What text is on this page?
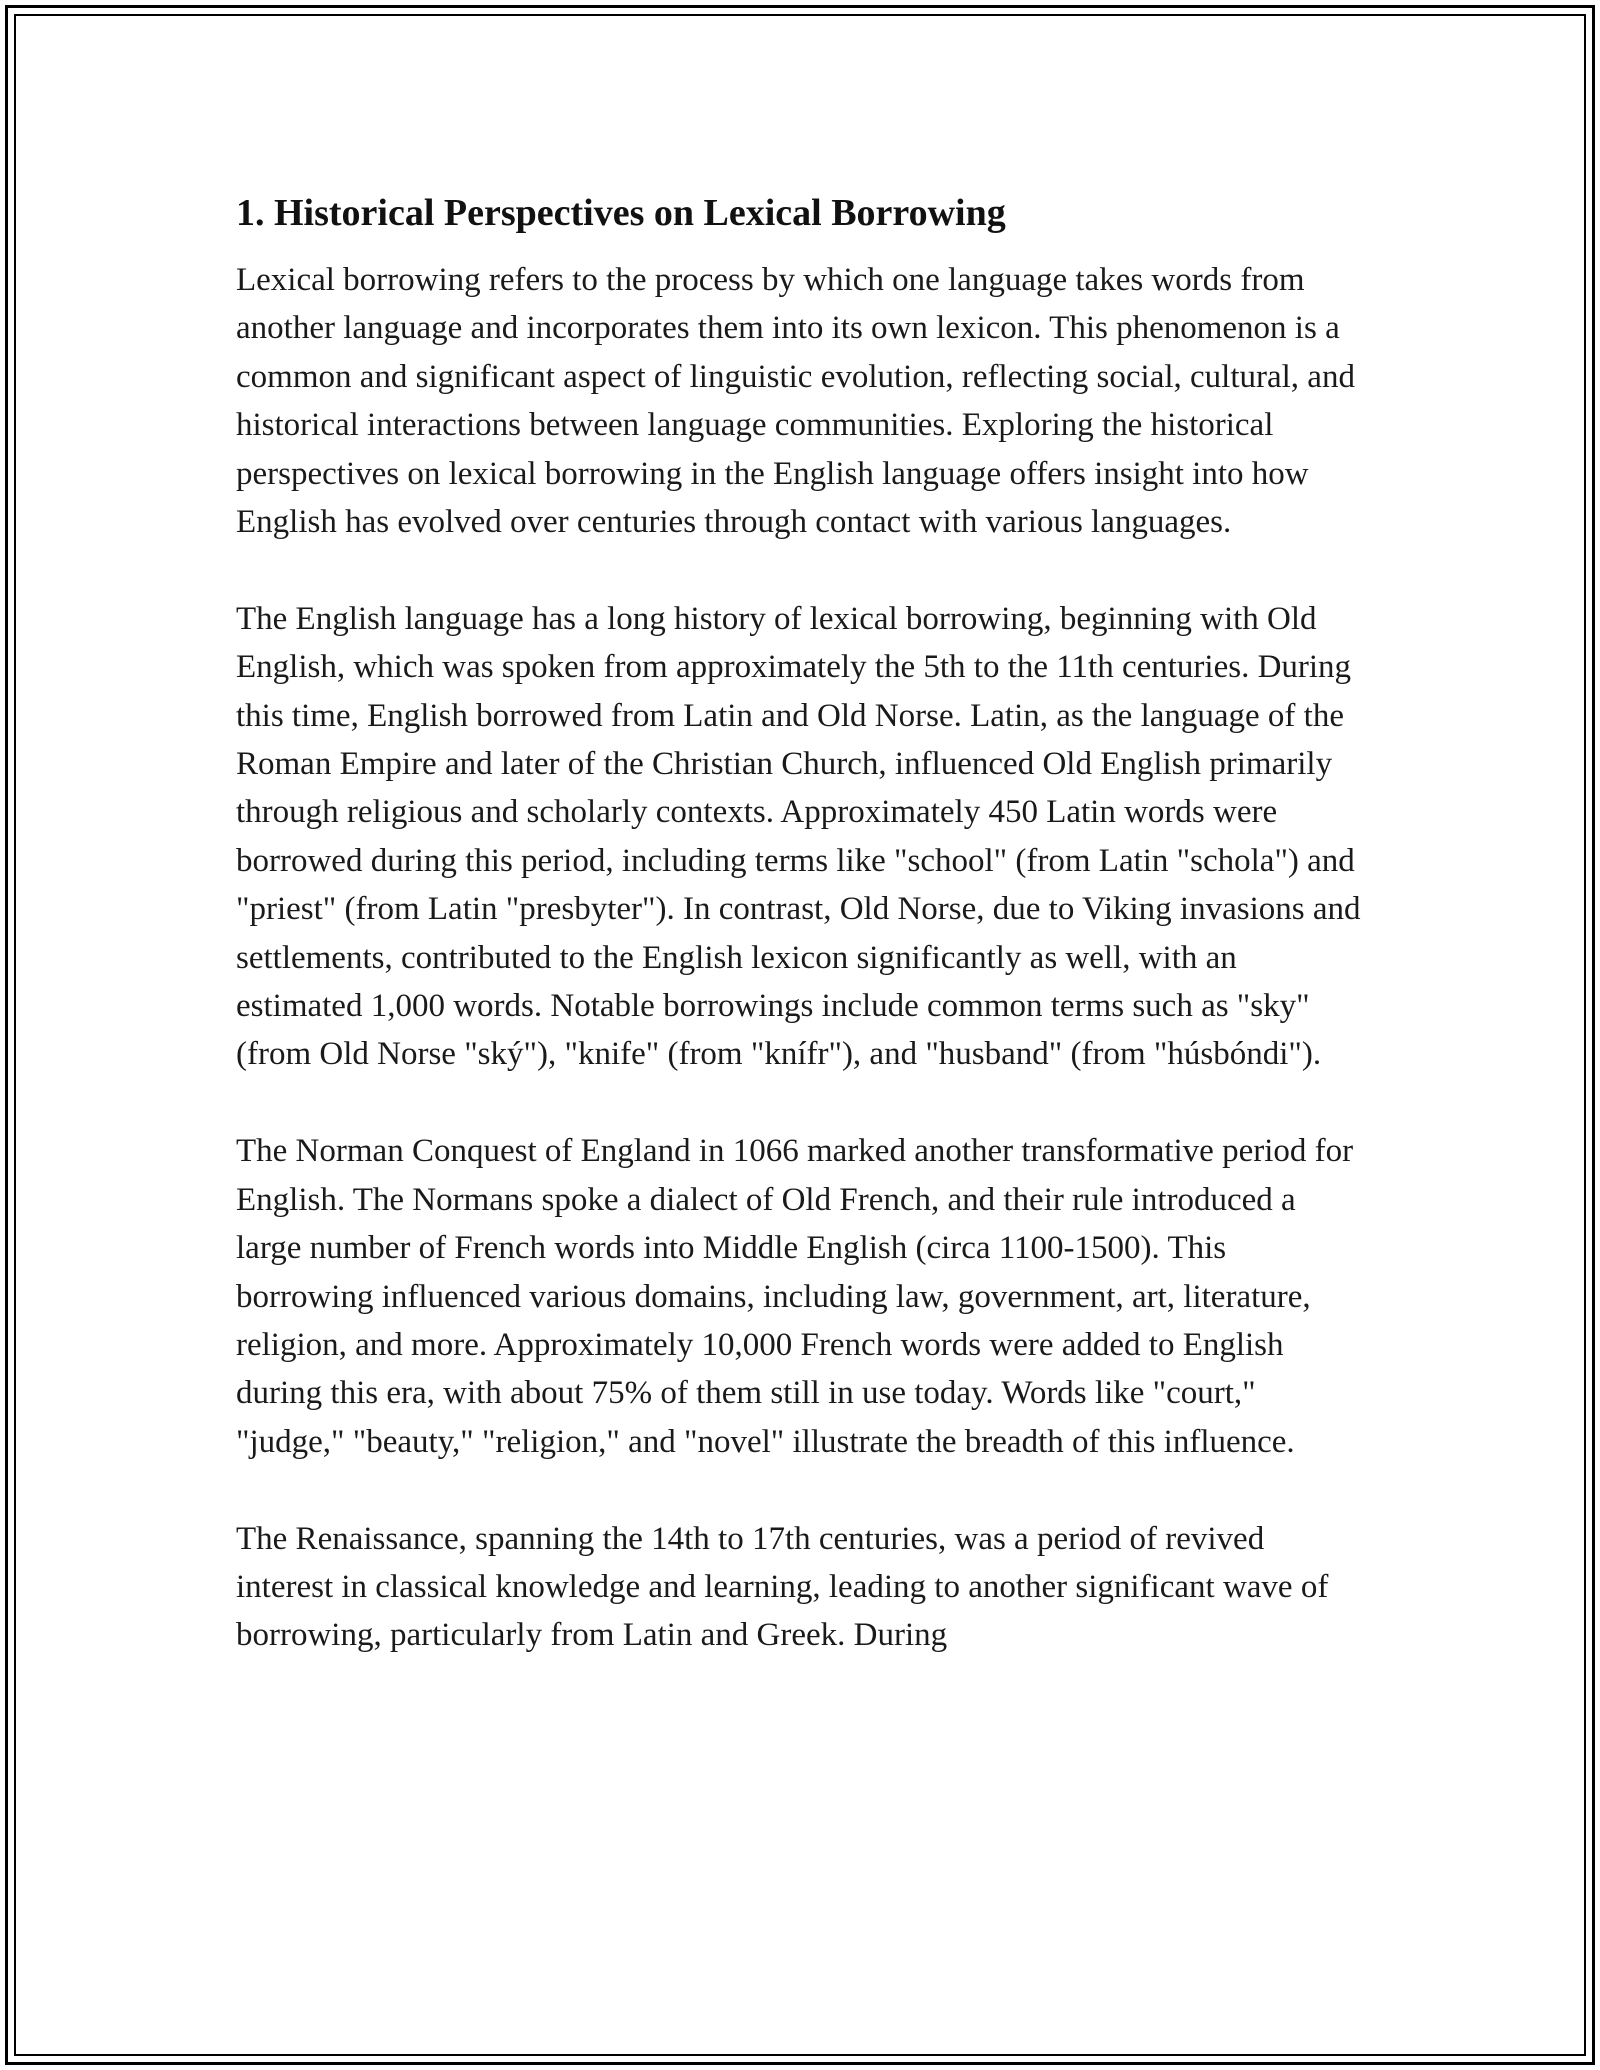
1. Historical Perspectives on Lexical Borrowing

Lexical borrowing refers to the process by which one language takes words from another language and incorporates them into its own lexicon. This phenomenon is a common and significant aspect of linguistic evolution, reflecting social, cultural, and historical interactions between language communities. Exploring the historical perspectives on lexical borrowing in the English language offers insight into how English has evolved over centuries through contact with various languages.

The English language has a long history of lexical borrowing, beginning with Old English, which was spoken from approximately the 5th to the 11th centuries. During this time, English borrowed from Latin and Old Norse. Latin, as the language of the Roman Empire and later of the Christian Church, influenced Old English primarily through religious and scholarly contexts. Approximately 450 Latin words were borrowed during this period, including terms like "school" (from Latin "schola") and "priest" (from Latin "presbyter"). In contrast, Old Norse, due to Viking invasions and settlements, contributed to the English lexicon significantly as well, with an estimated 1,000 words. Notable borrowings include common terms such as "sky" (from Old Norse "ský"), "knife" (from "knífr"), and "husband" (from "húsbóndi").

The Norman Conquest of England in 1066 marked another transformative period for English. The Normans spoke a dialect of Old French, and their rule introduced a large number of French words into Middle English (circa 1100-1500). This borrowing influenced various domains, including law, government, art, literature, religion, and more. Approximately 10,000 French words were added to English during this era, with about 75% of them still in use today. Words like "court," "judge," "beauty," "religion," and "novel" illustrate the breadth of this influence.

The Renaissance, spanning the 14th to 17th centuries, was a period of revived interest in classical knowledge and learning, leading to another significant wave of borrowing, particularly from Latin and Greek. During
